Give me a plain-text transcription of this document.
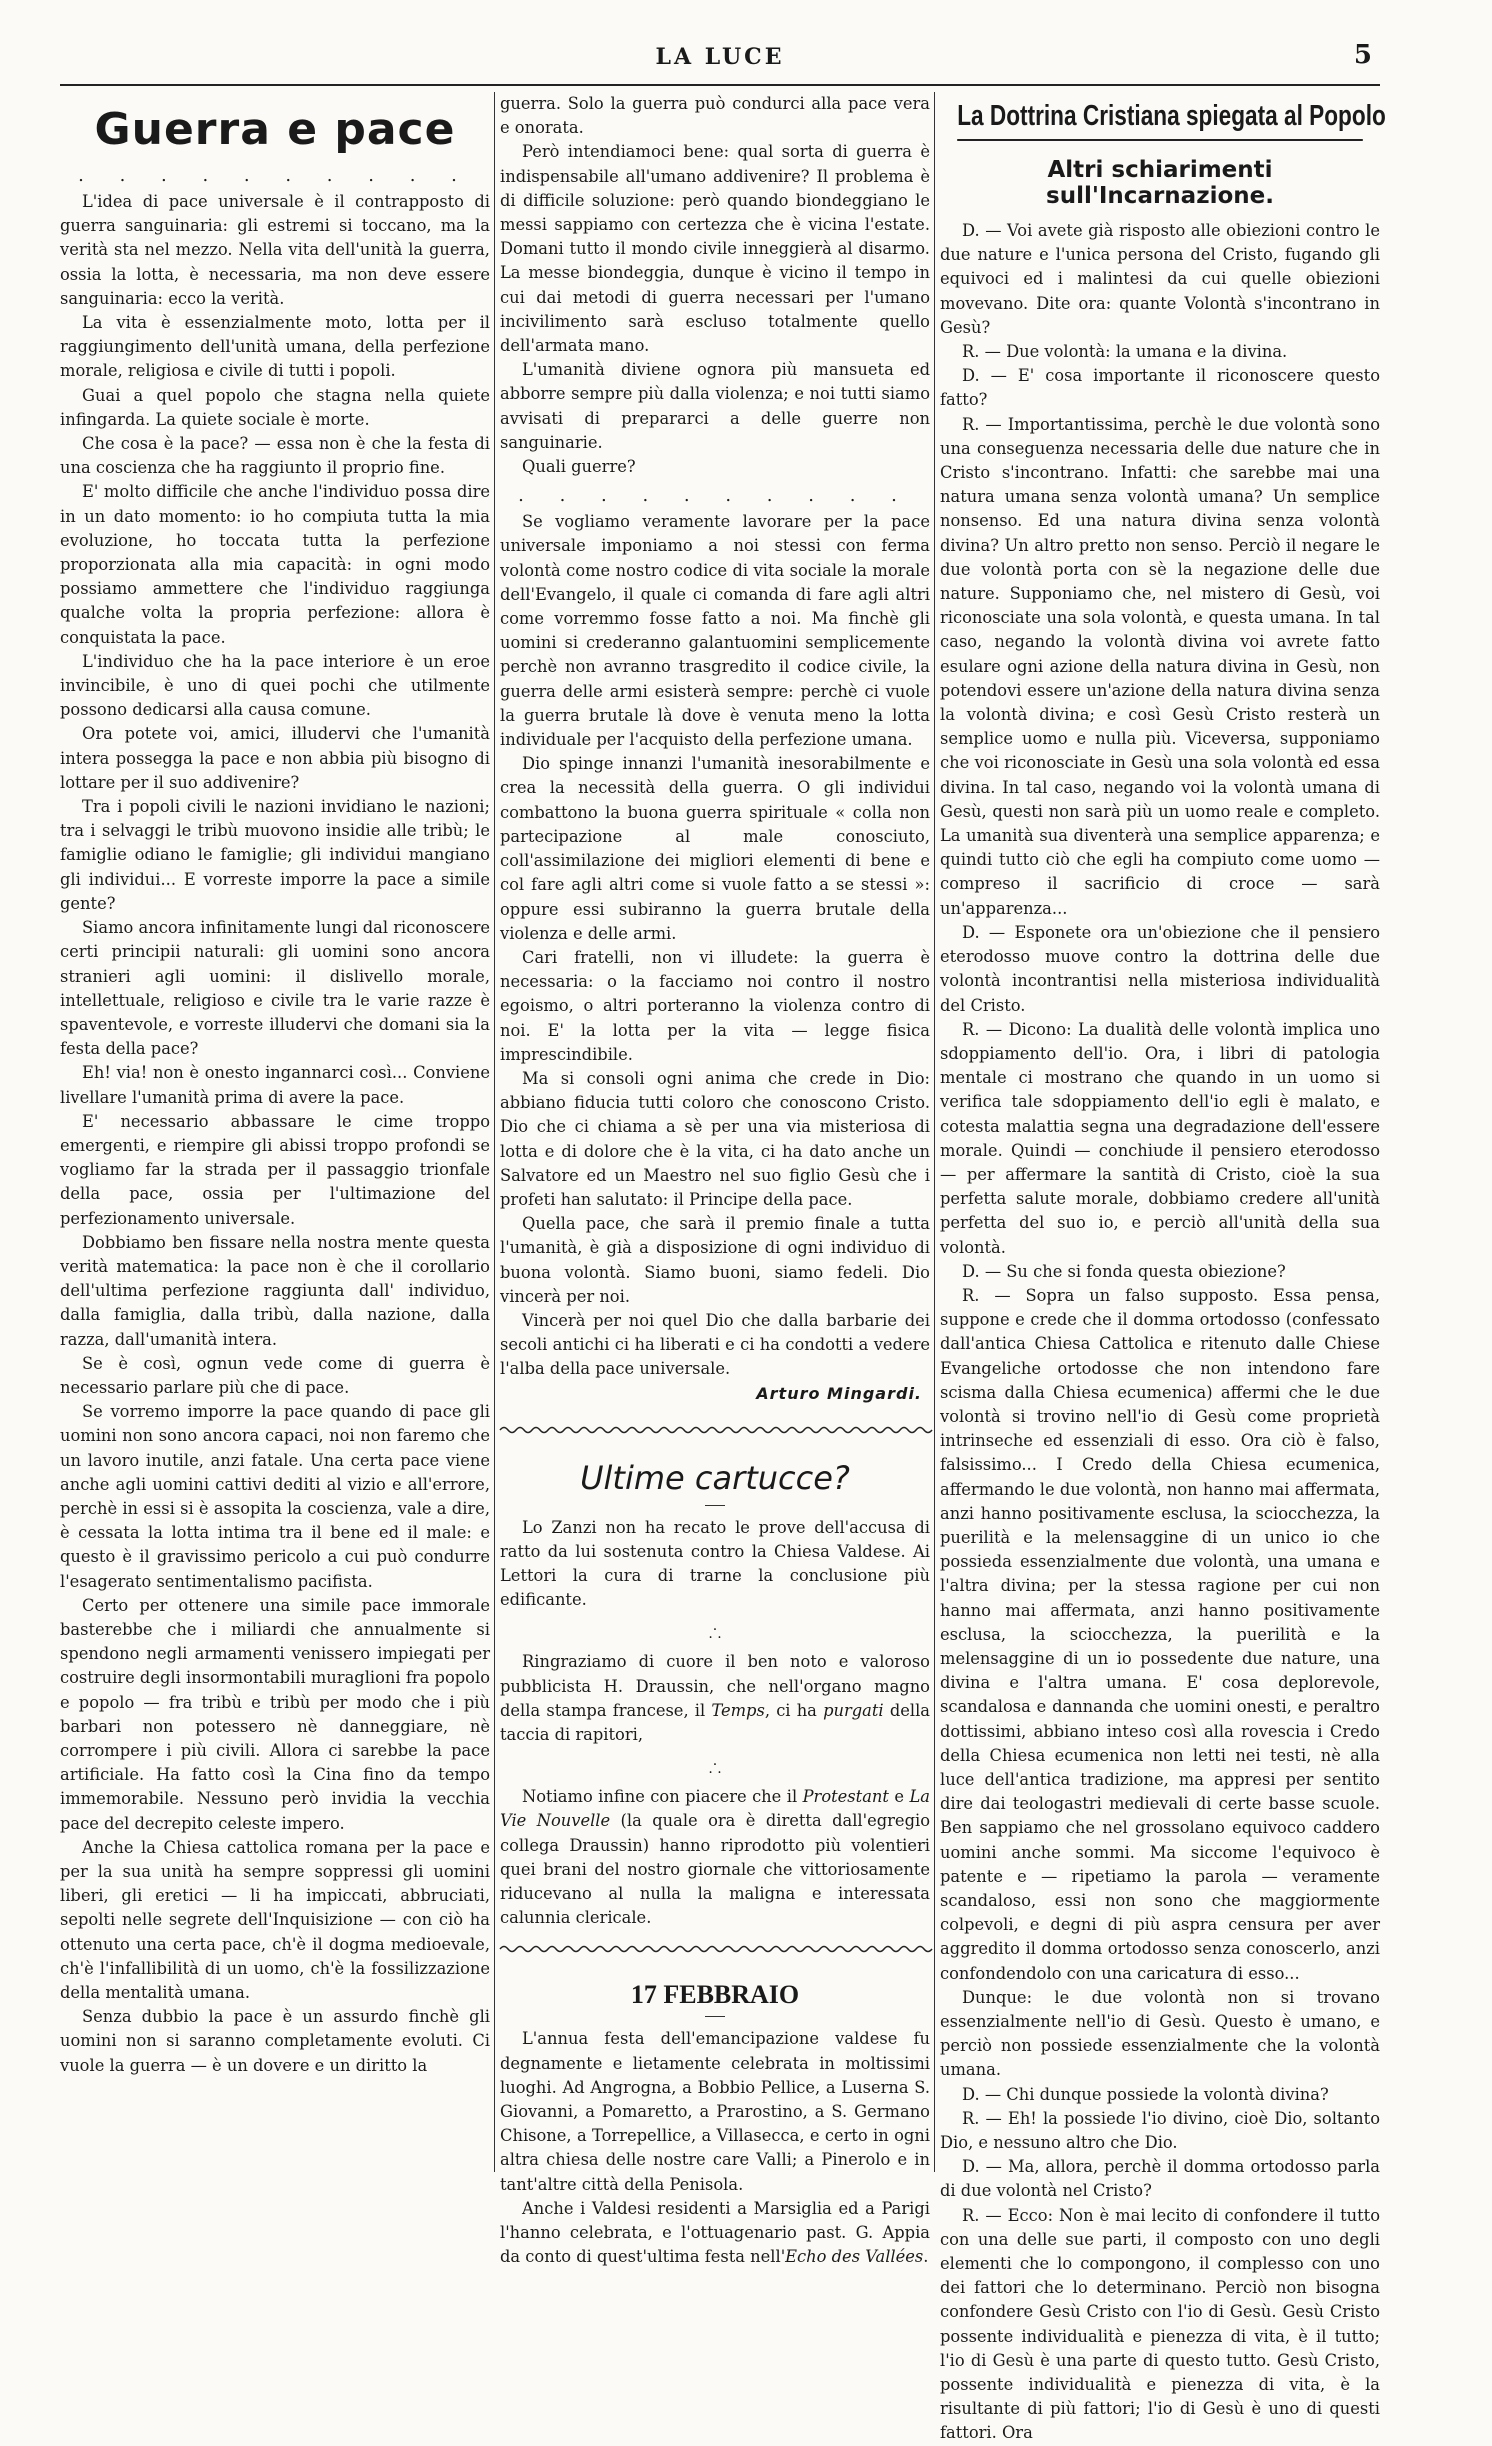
LA LUCE	5
Guerra e pace
. . . . . . . . . .

L'idea di pace universale è il contrapposto di guerra sanguinaria: gli estremi si toccano, ma la verità sta nel mezzo. Nella vita dell'unità la guerra, ossia la lotta, è necessaria, ma non deve essere sanguinaria: ecco la verità.

La vita è essenzialmente moto, lotta per il raggiungimento dell'unità umana, della perfezione morale, religiosa e civile di tutti i popoli.

Guai a quel popolo che stagna nella quiete infingarda. La quiete sociale è morte.

Che cosa è la pace? — essa non è che la festa di una coscienza che ha raggiunto il proprio fine.

E' molto difficile che anche l'individuo possa dire in un dato momento: io ho compiuta tutta la mia evoluzione, ho toccata tutta la perfezione proporzionata alla mia capacità: in ogni modo possiamo ammettere che l'individuo raggiunga qualche volta la propria perfezione: allora è conquistata la pace.

L'individuo che ha la pace interiore è un eroe invincibile, è uno di quei pochi che utilmente possono dedicarsi alla causa comune.

Ora potete voi, amici, illudervi che l'umanità intera possegga la pace e non abbia più bisogno di lottare per il suo addivenire?

Tra i popoli civili le nazioni invidiano le nazioni; tra i selvaggi le tribù muovono insidie alle tribù; le famiglie odiano le famiglie; gli individui mangiano gli individui... E vorreste imporre la pace a simile gente?

Siamo ancora infinitamente lungi dal riconoscere certi principii naturali: gli uomini sono ancora stranieri agli uomini: il dislivello morale, intellettuale, religioso e civile tra le varie razze è spaventevole, e vorreste illudervi che domani sia la festa della pace?

Eh! via! non è onesto ingannarci così... Conviene livellare l'umanità prima di avere la pace.

E' necessario abbassare le cime troppo emergenti, e riempire gli abissi troppo profondi se vogliamo far la strada per il passaggio trionfale della pace, ossia per l'ultimazione del perfezionamento universale.

Dobbiamo ben fissare nella nostra mente questa verità matematica: la pace non è che il corollario dell'ultima perfezione raggiunta dall' individuo, dalla famiglia, dalla tribù, dalla nazione, dalla razza, dall'umanità intera.

Se è così, ognun vede come di guerra è necessario parlare più che di pace.

Se vorremo imporre la pace quando di pace gli uomini non sono ancora capaci, noi non faremo che un lavoro inutile, anzi fatale. Una certa pace viene anche agli uomini cattivi dediti al vizio e all'errore, perchè in essi si è assopita la coscienza, vale a dire, è cessata la lotta intima tra il bene ed il male: e questo è il gravissimo pericolo a cui può condurre l'esagerato sentimentalismo pacifista.

Certo per ottenere una simile pace immorale basterebbe che i miliardi che annualmente si spendono negli armamenti venissero impiegati per costruire degli insormontabili muraglioni fra popolo e popolo — fra tribù e tribù per modo che i più barbari non potessero nè danneggiare, nè corrompere i più civili. Allora ci sarebbe la pace artificiale. Ha fatto così la Cina fino da tempo immemorabile. Nessuno però invidia la vecchia pace del decrepito celeste impero.

Anche la Chiesa cattolica romana per la pace e per la sua unità ha sempre soppressi gli uomini liberi, gli eretici — li ha impiccati, abbruciati, sepolti nelle segrete dell'Inquisizione — con ciò ha ottenuto una certa pace, ch'è il dogma medioevale, ch'è l'infallibilità di un uomo, ch'è la fossilizzazione della mentalità umana.

Senza dubbio la pace è un assurdo finchè gli uomini non si saranno completamente evoluti. Ci vuole la guerra — è un dovere e un diritto la

guerra. Solo la guerra può condurci alla pace vera e onorata.

Però intendiamoci bene: qual sorta di guerra è indispensabile all'umano addivenire? Il problema è di difficile soluzione: però quando biondeggiano le messi sappiamo con certezza che è vicina l'estate. Domani tutto il mondo civile inneggierà al disarmo. La messe biondeggia, dunque è vicino il tempo in cui dai metodi di guerra necessari per l'umano incivilimento sarà escluso totalmente quello dell'armata mano.

L'umanità diviene ognora più mansueta ed abborre sempre più dalla violenza; e noi tutti siamo avvisati di prepararci a delle guerre non sanguinarie.

Quali guerre?

. . . . . . . . . .

Se vogliamo veramente lavorare per la pace universale imponiamo a noi stessi con ferma volontà come nostro codice di vita sociale la morale dell'Evangelo, il quale ci comanda di fare agli altri come vorremmo fosse fatto a noi. Ma finchè gli uomini si crederanno galantuomini semplicemente perchè non avranno trasgredito il codice civile, la guerra delle armi esisterà sempre: perchè ci vuole la guerra brutale là dove è venuta meno la lotta individuale per l'acquisto della perfezione umana.

Dio spinge innanzi l'umanità inesorabilmente e crea la necessità della guerra. O gli individui combattono la buona guerra spirituale « colla non partecipazione al male conosciuto, coll'assimilazione dei migliori elementi di bene e col fare agli altri come si vuole fatto a se stessi »: oppure essi subiranno la guerra brutale della violenza e delle armi.

Cari fratelli, non vi illudete: la guerra è necessaria: o la facciamo noi contro il nostro egoismo, o altri porteranno la violenza contro di noi. E' la lotta per la vita — legge fisica imprescindibile.

Ma si consoli ogni anima che crede in Dio: abbiano fiducia tutti coloro che conoscono Cristo. Dio che ci chiama a sè per una via misteriosa di lotta e di dolore che è la vita, ci ha dato anche un Salvatore ed un Maestro nel suo figlio Gesù che i profeti han salutato: il Principe della pace.

Quella pace, che sarà il premio finale a tutta l'umanità, è già a disposizione di ogni individuo di buona volontà. Siamo buoni, siamo fedeli. Dio vincerà per noi.

Vincerà per noi quel Dio che dalla barbarie dei secoli antichi ci ha liberati e ci ha condotti a vedere l'alba della pace universale.

Arturo Mingardi.
Ultime cartucce?

Lo Zanzi non ha recato le prove dell'accusa di ratto da lui sostenuta contro la Chiesa Valdese. Ai Lettori la cura di trarne la conclusione più edificante.

.
· ·

Ringraziamo di cuore il ben noto e valoroso pubblicista H. Draussin, che nell'organo magno della stampa francese, il Temps, ci ha purgati della taccia di rapitori,

.
· ·

Notiamo infine con piacere che il Protestant e La Vie Nouvelle (la quale ora è diretta dall'egregio collega Draussin) hanno riprodotto più volentieri quei brani del nostro giornale che vittoriosamente riducevano al nulla la maligna e interessata calunnia clericale.

17 FEBBRAIO

L'annua festa dell'emancipazione valdese fu degnamente e lietamente celebrata in moltissimi luoghi. Ad Angrogna, a Bobbio Pellice, a Luserna S. Giovanni, a Pomaretto, a Prarostino, a S. Germano Chisone, a Torrepellice, a Villasecca, e certo in ogni altra chiesa delle nostre care Valli; a Pinerolo e in tant'altre città della Penisola.

Anche i Valdesi residenti a Marsiglia ed a Parigi l'hanno celebrata, e l'ottuagenario past. G. Appia da conto di quest'ultima festa nell'Echo des Vallées.

La Dottrina Cristiana spiegata al Popolo
Altri schiarimenti sull'Incarnazione.

D. — Voi avete già risposto alle obiezioni contro le due nature e l'unica persona del Cristo, fugando gli equivoci ed i malintesi da cui quelle obiezioni movevano. Dite ora: quante Volontà s'incontrano in Gesù?

R. — Due volontà: la umana e la divina.

D. — E' cosa importante il riconoscere questo fatto?

R. — Importantissima, perchè le due volontà sono una conseguenza necessaria delle due nature che in Cristo s'incontrano. Infatti: che sarebbe mai una natura umana senza volontà umana? Un semplice nonsenso. Ed una natura divina senza volontà divina? Un altro pretto non senso. Perciò il negare le due volontà porta con sè la negazione delle due nature. Supponiamo che, nel mistero di Gesù, voi riconosciate una sola volontà, e questa umana. In tal caso, negando la volontà divina voi avrete fatto esulare ogni azione della natura divina in Gesù, non potendovi essere un'azione della natura divina senza la volontà divina; e così Gesù Cristo resterà un semplice uomo e nulla più. Viceversa, supponiamo che voi riconosciate in Gesù una sola volontà ed essa divina. In tal caso, negando voi la volontà umana di Gesù, questi non sarà più un uomo reale e completo. La umanità sua diventerà una semplice apparenza; e quindi tutto ciò che egli ha compiuto come uomo — compreso il sacrificio di croce — sarà un'apparenza...

D. — Esponete ora un'obiezione che il pensiero eterodosso muove contro la dottrina delle due volontà incontrantisi nella misteriosa individualità del Cristo.

R. — Dicono: La dualità delle volontà implica uno sdoppiamento dell'io. Ora, i libri di patologia mentale ci mostrano che quando in un uomo si verifica tale sdoppiamento dell'io egli è malato, e cotesta malattia segna una degradazione dell'essere morale. Quindi — conchiude il pensiero eterodosso — per affermare la santità di Cristo, cioè la sua perfetta salute morale, dobbiamo credere all'unità perfetta del suo io, e perciò all'unità della sua volontà.

D. — Su che si fonda questa obiezione?

R. — Sopra un falso supposto. Essa pensa, suppone e crede che il domma ortodosso (confessato dall'antica Chiesa Cattolica e ritenuto dalle Chiese Evangeliche ortodosse che non intendono fare scisma dalla Chiesa ecumenica) affermi che le due volontà si trovino nell'io di Gesù come proprietà intrinseche ed essenziali di esso. Ora ciò è falso, falsissimo... I Credo della Chiesa ecumenica, affermando le due volontà, non hanno mai affermata, anzi hanno positivamente esclusa, la sciocchezza, la puerilità e la melensaggine di un unico io che possieda essenzialmente due volontà, una umana e l'altra divina; per la stessa ragione per cui non hanno mai affermata, anzi hanno positivamente esclusa, la sciocchezza, la puerilità e la melensaggine di un io possedente due nature, una divina e l'altra umana. E' cosa deplorevole, scandalosa e dannanda che uomini onesti, e peraltro dottissimi, abbiano inteso così alla rovescia i Credo della Chiesa ecumenica non letti nei testi, nè alla luce dell'antica tradizione, ma appresi per sentito dire dai teologastri medievali di certe basse scuole. Ben sappiamo che nel grossolano equivoco caddero uomini anche sommi. Ma siccome l'equivoco è patente e — ripetiamo la parola — veramente scandaloso, essi non sono che maggiormente colpevoli, e degni di più aspra censura per aver aggredito il domma ortodosso senza conoscerlo, anzi confondendolo con una caricatura di esso...

Dunque: le due volontà non si trovano essenzialmente nell'io di Gesù. Questo è umano, e perciò non possiede essenzialmente che la volontà umana.

D. — Chi dunque possiede la volontà divina?

R. — Eh! la possiede l'io divino, cioè Dio, soltanto Dio, e nessuno altro che Dio.

D. — Ma, allora, perchè il domma ortodosso parla di due volontà nel Cristo?

R. — Ecco: Non è mai lecito di confondere il tutto con una delle sue parti, il composto con uno degli elementi che lo compongono, il complesso con uno dei fattori che lo determinano. Perciò non bisogna confondere Gesù Cristo con l'io di Gesù. Gesù Cristo possente individualità e pienezza di vita, è il tutto; l'io di Gesù è una parte di questo tutto. Gesù Cristo, possente individualità e pienezza di vita, è la risultante di più fattori; l'io di Gesù è uno di questi fattori. Ora
